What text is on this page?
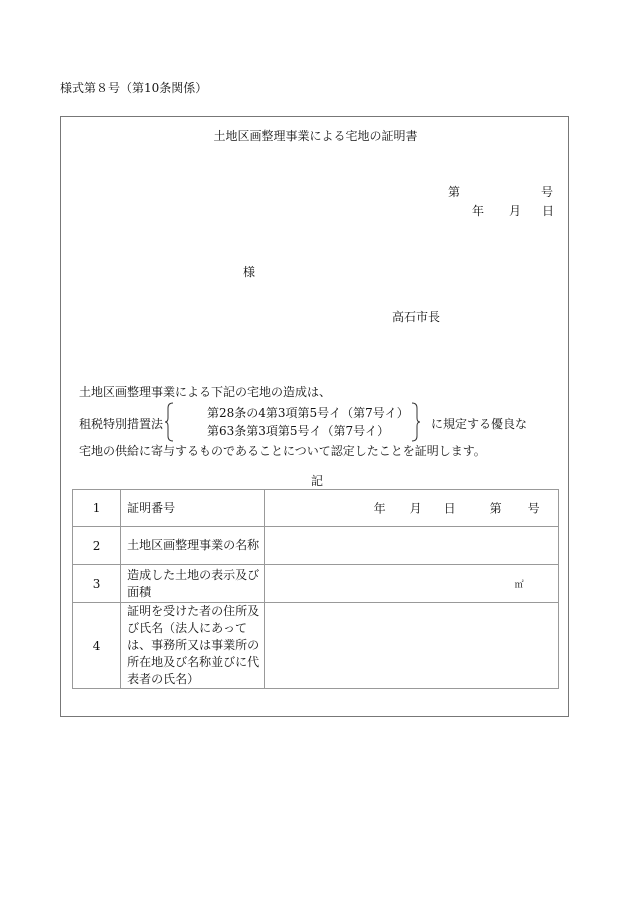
様式第８号（第10条関係）
土地区画整理事業による宅地の証明書
第	号
年 月 日
様
高石市長
土地区画整理事業による下記の宅地の造成は、
租税特別措置法
第28条の4第3項第5号イ（第7号イ）
第63条第3項第5号イ（第7号イ）	に規定する優良な
宅地の供給に寄与するものであることについて認定したことを証明します。
記
1	証明番号	年 月 日 第 号

2	土地区画整理事業の名称	
3	造成した土地の表示及び面積	㎡

4	証明を受けた者の住所及び氏名（法人にあっては、事務所又は事業所の所在地及び名称並びに代表者の氏名）	
